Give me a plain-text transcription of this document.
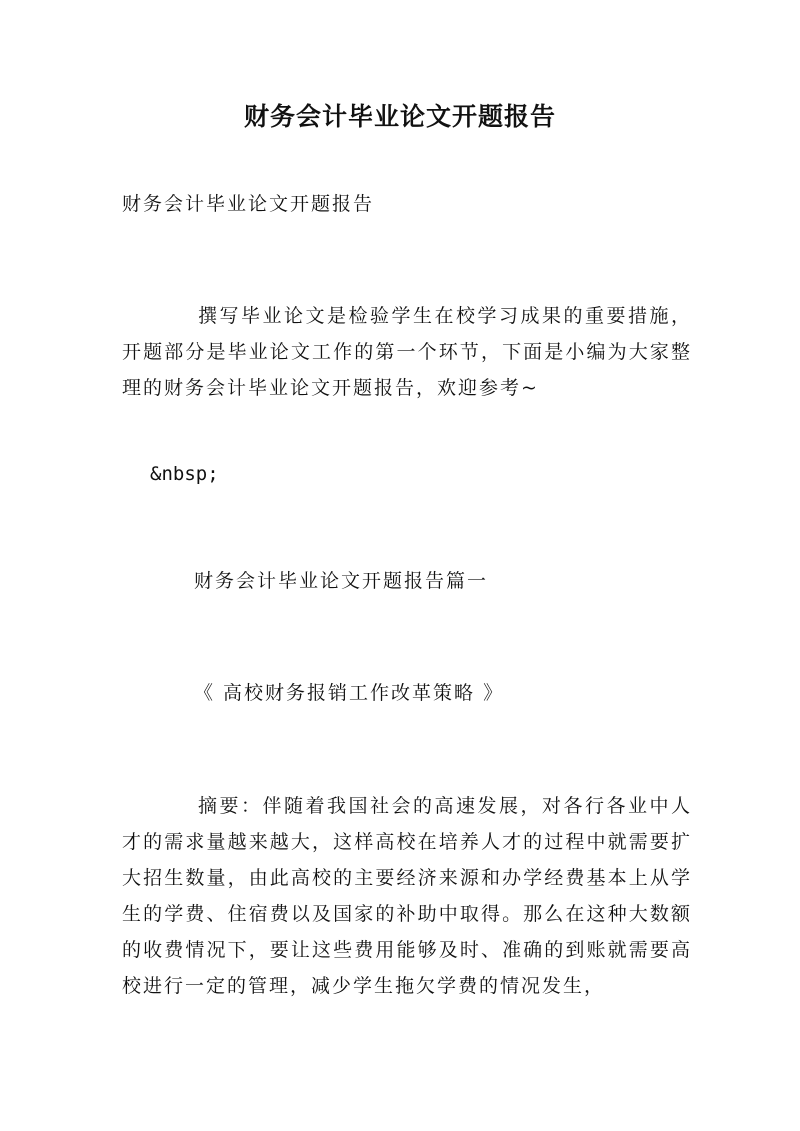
财务会计毕业论文开题报告
财务会计毕业论文开题报告
撰写毕业论文是检验学生在校学习成果的重要措施，开题部分是毕业论文工作的第一个环节，下面是小编为大家整理的财务会计毕业论文开题报告，欢迎参考~
&nbsp;
财务会计毕业论文开题报告篇一
《 高校财务报销工作改革策略 》
摘要：伴随着我国社会的高速发展，对各行各业中人才的需求量越来越大，这样高校在培养人才的过程中就需要扩大招生数量，由此高校的主要经济来源和办学经费基本上从学生的学费、住宿费以及国家的补助中取得。那么在这种大数额的收费情况下，要让这些费用能够及时、准确的到账就需要高校进行一定的管理，减少学生拖欠学费的情况发生，
